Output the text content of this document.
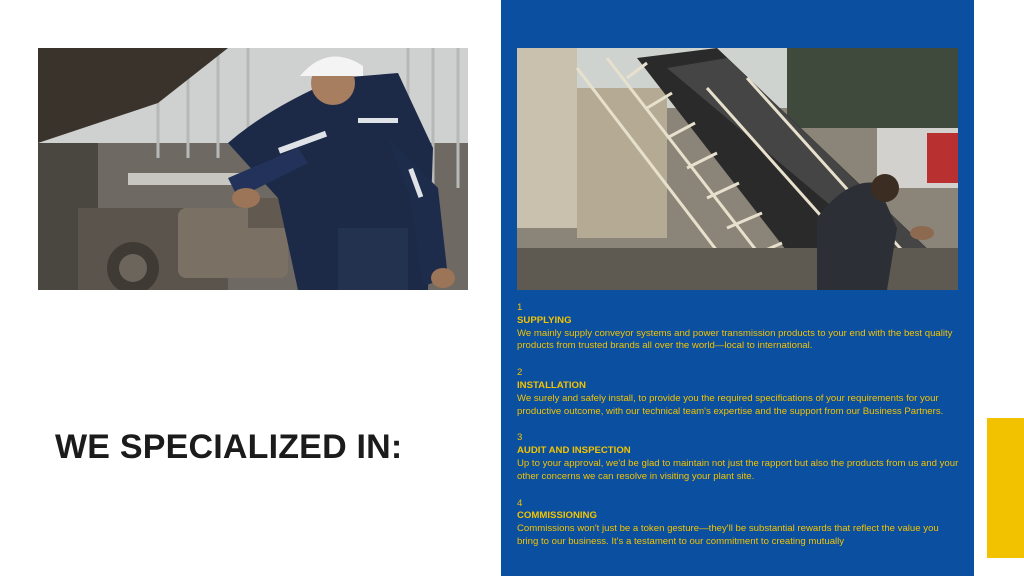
WE SPECIALIZED IN:
1
SUPPLYING
We mainly supply conveyor systems and power transmission products to your end with the best quality products from trusted brands all over the world—local to international.
2
INSTALLATION
We surely and safely install, to provide you the required specifications of your requirements for your productive outcome, with our technical team's expertise and the support from our Business Partners.
3
AUDIT AND INSPECTION
Up to your approval, we'd be glad to maintain not just the rapport but also the products from us and your other concerns we can resolve in visiting your plant site.
4
COMMISSIONING
Commissions won't just be a token gesture—they'll be substantial rewards that reflect the value you bring to our business. It's a testament to our commitment to creating mutually
